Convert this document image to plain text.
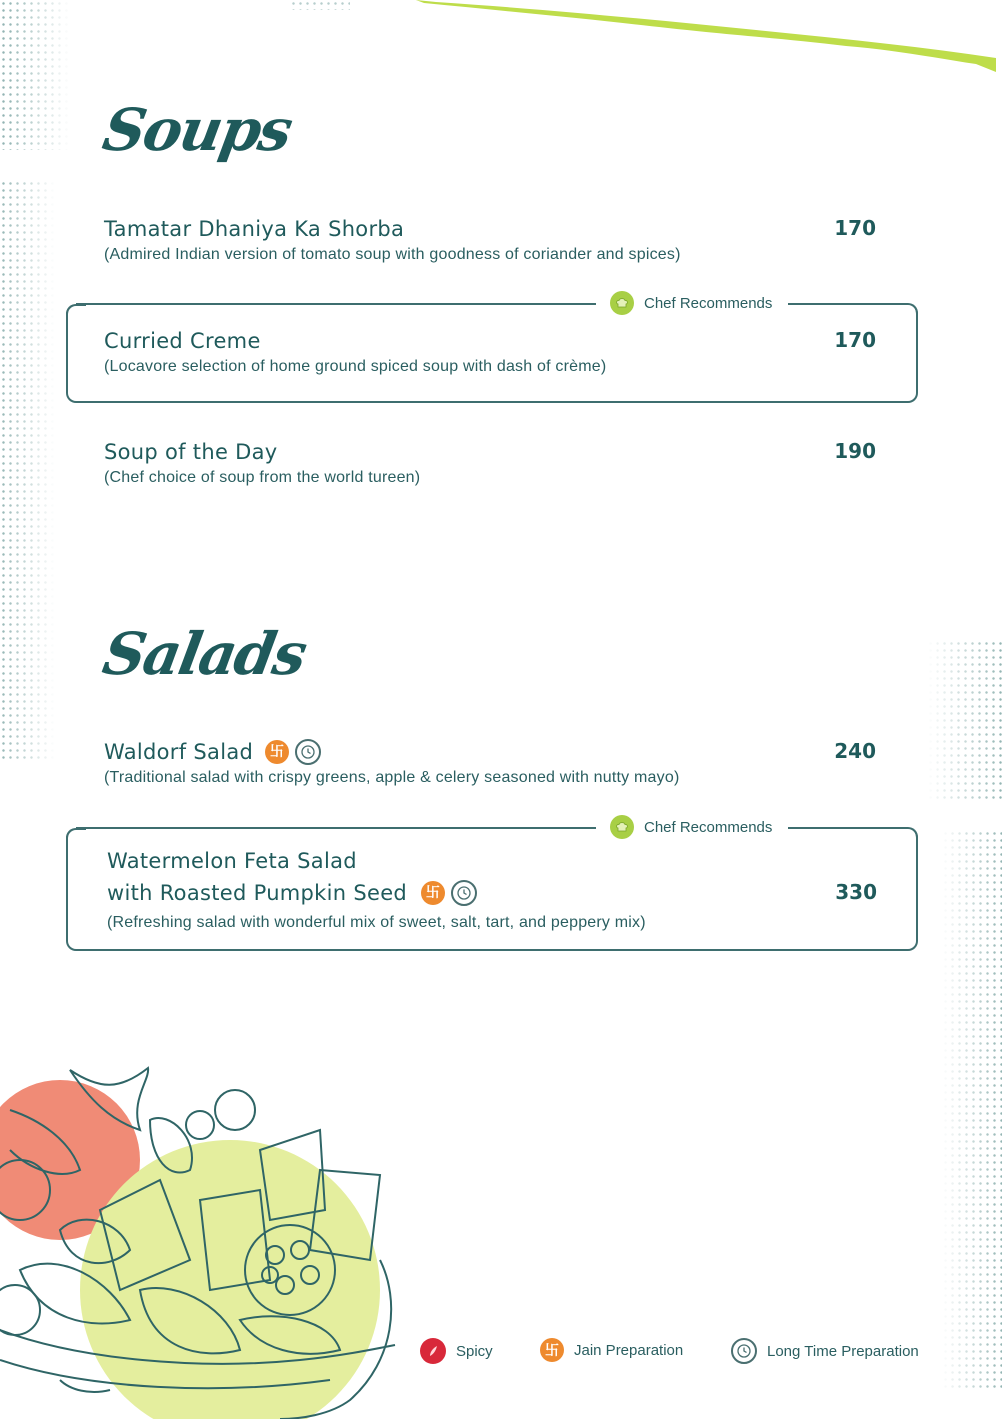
Soups
Tamatar Dhaniya Ka Shorba
(Admired Indian version of tomato soup with goodness of coriander and spices)
170
Chef Recommends
Curried Creme
(Locavore selection of home ground spiced soup with dash of crème)
170
Soup of the Day
(Chef choice of soup from the world tureen)
190
Salads
Waldorf Salad	卐
(Traditional salad with crispy greens, apple & celery seasoned with nutty mayo)
240
Chef Recommends
Watermelon Feta Salad
with Roasted Pumpkin Seed	卐
(Refreshing salad with wonderful mix of sweet, salt, tart, and peppery mix)
330
Spicy	卐	Jain Preparation	Long Time Preparation
